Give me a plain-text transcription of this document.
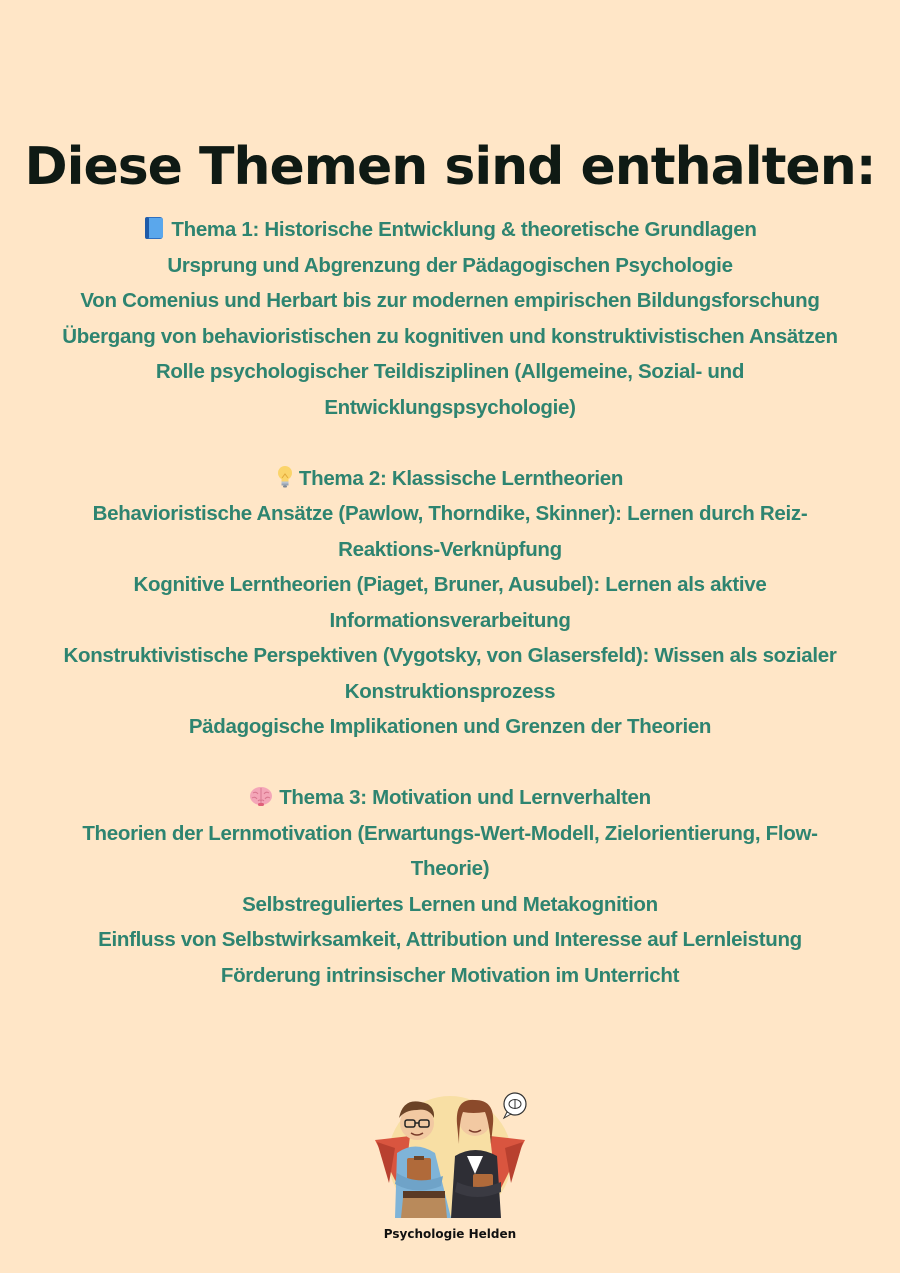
Diese Themen sind enthalten:
Thema 1: Historische Entwicklung & theoretische Grundlagen
Ursprung und Abgrenzung der Pädagogischen Psychologie
Von Comenius und Herbart bis zur modernen empirischen Bildungsforschung
Übergang von behavioristischen zu kognitiven und konstruktivistischen Ansätzen
Rolle psychologischer Teildisziplinen (Allgemeine, Sozial- und Entwicklungspsychologie)
Thema 2: Klassische Lerntheorien
Behavioristische Ansätze (Pawlow, Thorndike, Skinner): Lernen durch Reiz-Reaktions-Verknüpfung
Kognitive Lerntheorien (Piaget, Bruner, Ausubel): Lernen als aktive Informationsverarbeitung
Konstruktivistische Perspektiven (Vygotsky, von Glasersfeld): Wissen als sozialer Konstruktionsprozess
Pädagogische Implikationen und Grenzen der Theorien
Thema 3: Motivation und Lernverhalten
Theorien der Lernmotivation (Erwartungs-Wert-Modell, Zielorientierung, Flow-Theorie)
Selbstreguliertes Lernen und Metakognition
Einfluss von Selbstwirksamkeit, Attribution und Interesse auf Lernleistung
Förderung intrinsischer Motivation im Unterricht
Psychologie Helden
